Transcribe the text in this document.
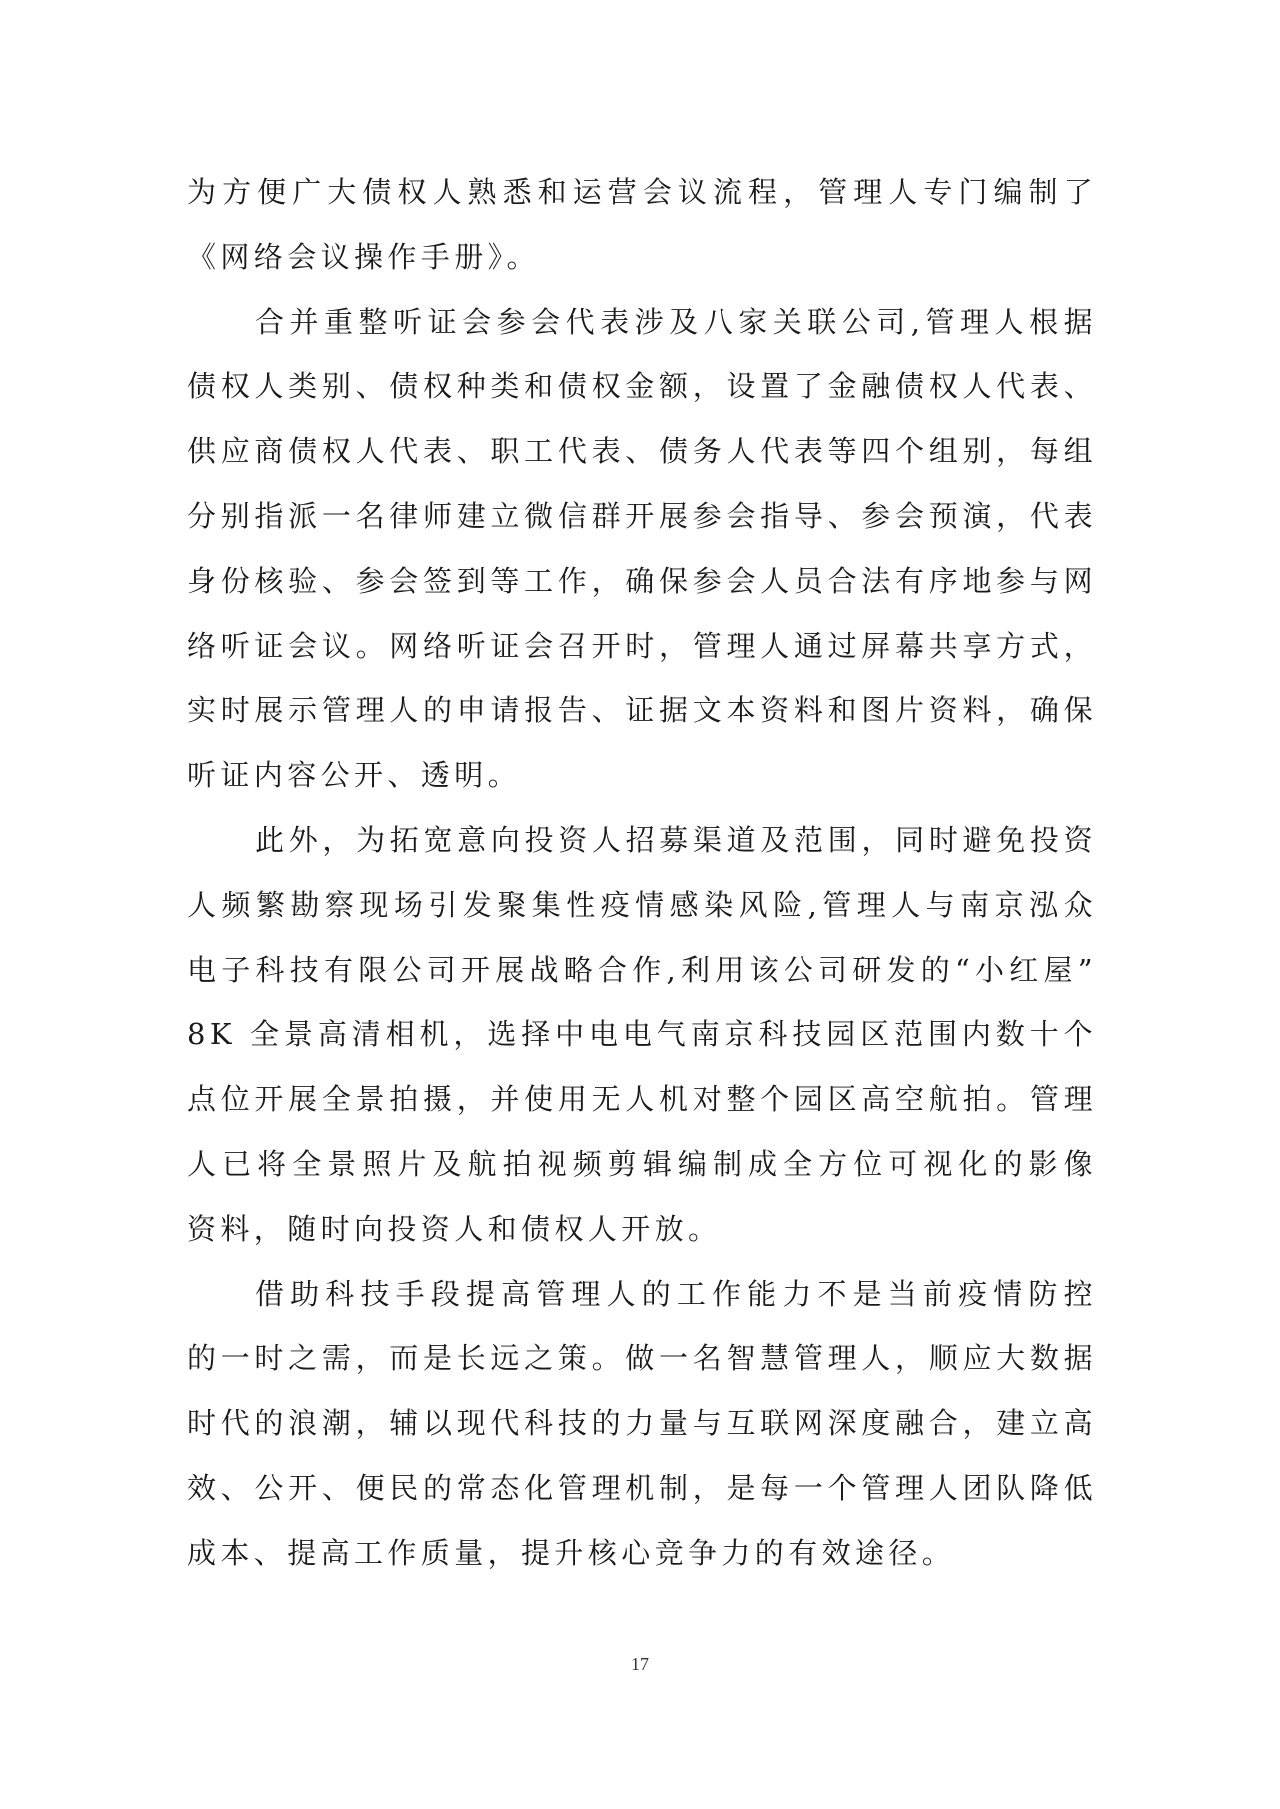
为方便广大债权人熟悉和运营会议流程，管理人专门编制了
《网络会议操作手册》。
合并重整听证会参会代表涉及八家关联公司,管理人根据
债权人类别、债权种类和债权金额，设置了金融债权人代表、
供应商债权人代表、职工代表、债务人代表等四个组别，每组
分别指派一名律师建立微信群开展参会指导、参会预演，代表
身份核验、参会签到等工作，确保参会人员合法有序地参与网
络听证会议。网络听证会召开时，管理人通过屏幕共享方式，
实时展示管理人的申请报告、证据文本资料和图片资料，确保
听证内容公开、透明。
此外，为拓宽意向投资人招募渠道及范围，同时避免投资
人频繁勘察现场引发聚集性疫情感染风险,管理人与南京泓众
电子科技有限公司开展战略合作,利用该公司研发的“小红屋”
8K 全景高清相机，选择中电电气南京科技园区范围内数十个
点位开展全景拍摄，并使用无人机对整个园区高空航拍。管理
人已将全景照片及航拍视频剪辑编制成全方位可视化的影像
资料，随时向投资人和债权人开放。
借助科技手段提高管理人的工作能力不是当前疫情防控
的一时之需，而是长远之策。做一名智慧管理人，顺应大数据
时代的浪潮，辅以现代科技的力量与互联网深度融合，建立高
效、公开、便民的常态化管理机制，是每一个管理人团队降低
成本、提高工作质量，提升核心竞争力的有效途径。
17
